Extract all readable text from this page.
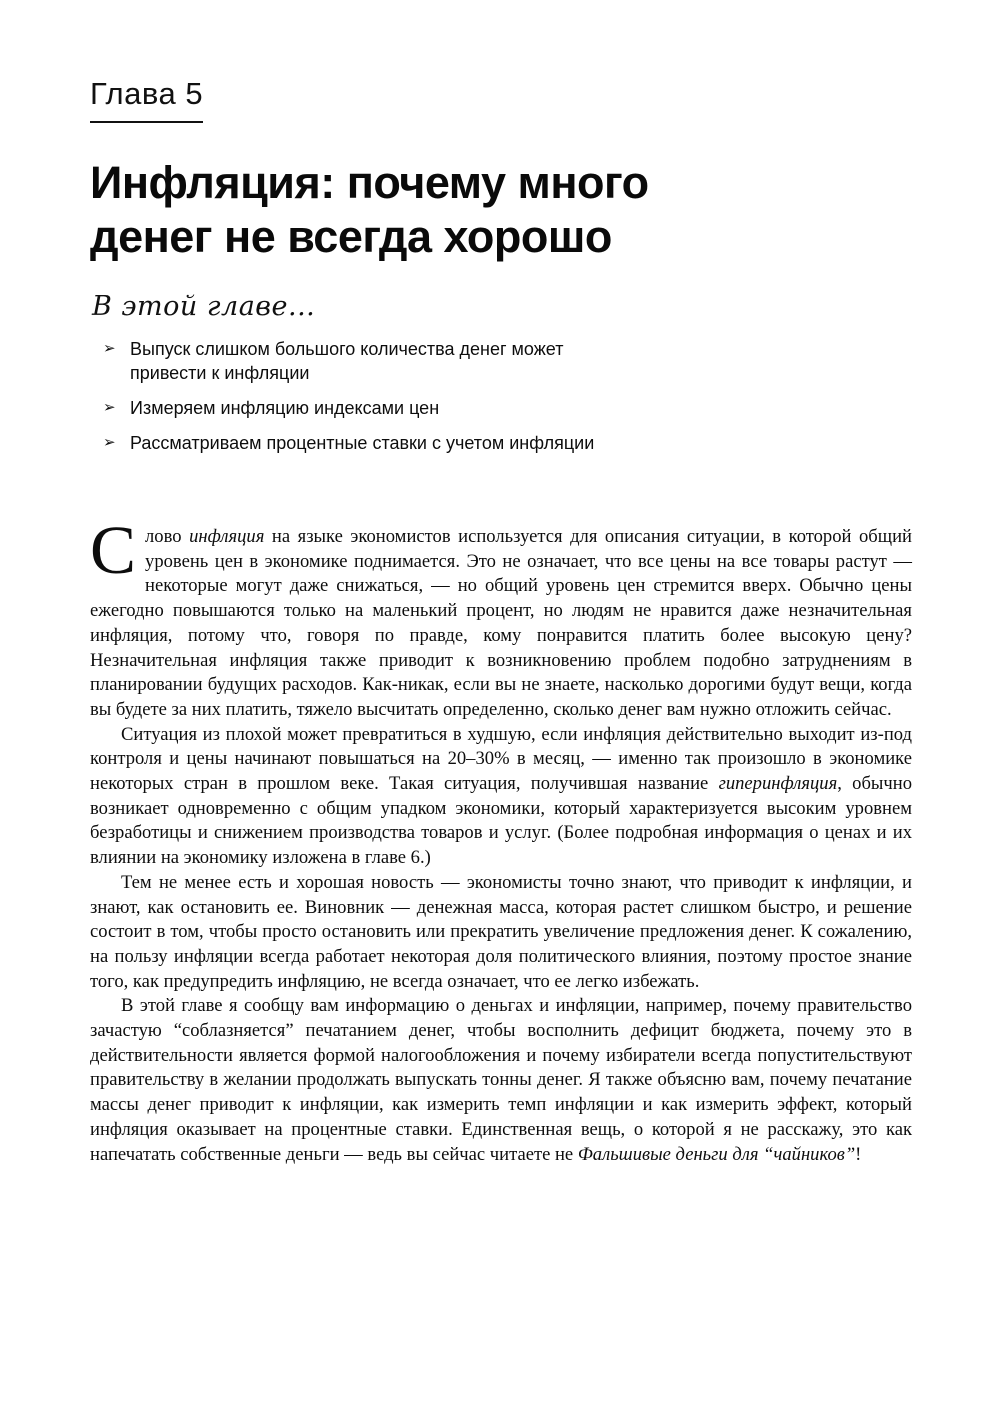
Глава 5
Инфляция: почему много
денег не всегда хорошо
В этой главе...
➢ Выпуск слишком большого количества денег может привести к инфляции
➢ Измеряем инфляцию индексами цен
➢ Рассматриваем процентные ставки с учетом инфляции

С лово инфляция на языке экономистов используется для описания ситуации, в которой общий уровень цен в экономике поднимается. Это не означает, что все цены на все товары растут — некоторые могут даже снижаться, — но общий уровень цен стремится вверх. Обычно цены ежегодно повышаются только на маленький процент, но людям не нравится даже незначительная инфляция, потому что, говоря по правде, кому понравится платить более высокую цену? Незначительная инфляция также приводит к возникновению проблем подобно затруднениям в планировании будущих расходов. Как-никак, если вы не знаете, насколько дорогими будут вещи, когда вы будете за них платить, тяжело высчитать определенно, сколько денег вам нужно отложить сейчас.

Ситуация из плохой может превратиться в худшую, если инфляция действительно выходит из-под контроля и цены начинают повышаться на 20–30% в месяц, — именно так произошло в экономике некоторых стран в прошлом веке. Такая ситуация, получившая название гиперинфляция, обычно возникает одновременно с общим упадком экономики, который характеризуется высоким уровнем безработицы и снижением производства товаров и услуг. (Более подробная информация о ценах и их влиянии на экономику изложена в главе 6.)

Тем не менее есть и хорошая новость — экономисты точно знают, что приводит к инфляции, и знают, как остановить ее. Виновник — денежная масса, которая растет слишком быстро, и решение состоит в том, чтобы просто остановить или прекратить увеличение предложения денег. К сожалению, на пользу инфляции всегда работает некоторая доля политического влияния, поэтому простое знание того, как предупредить инфляцию, не всегда означает, что ее легко избежать.

В этой главе я сообщу вам информацию о деньгах и инфляции, например, почему правительство зачастую “соблазняется” печатанием денег, чтобы восполнить дефицит бюджета, почему это в действительности является формой налогообложения и почему избиратели всегда попустительствуют правительству в желании продолжать выпускать тонны денег. Я также объясню вам, почему печатание массы денег приводит к инфляции, как измерить темп инфляции и как измерить эффект, который инфляция оказывает на процентные ставки. Единственная вещь, о которой я не расскажу, это как напечатать собственные деньги — ведь вы сейчас читаете не Фальшивые деньги для “чайников”!
